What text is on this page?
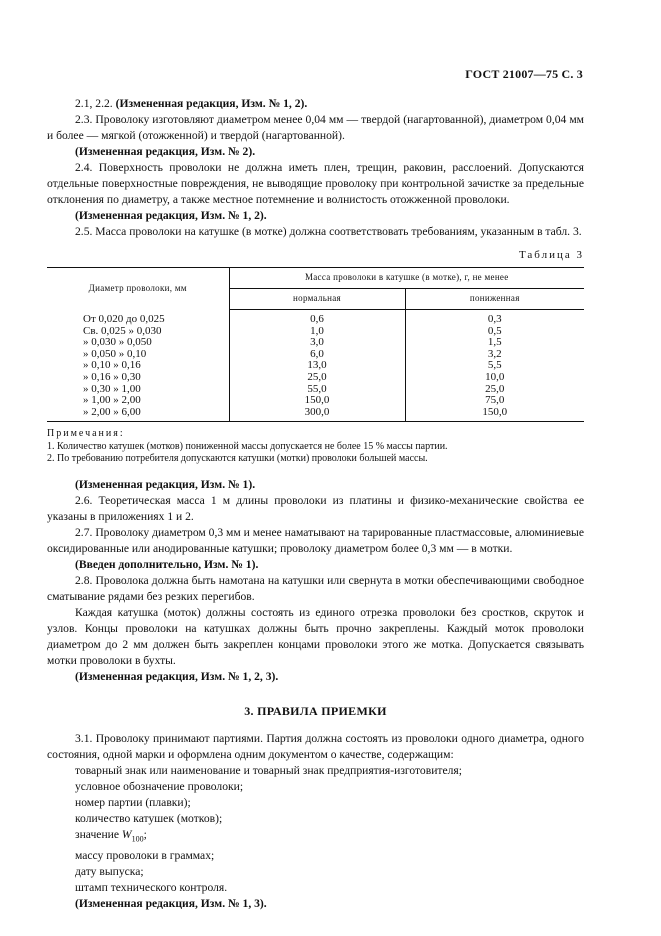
ГОСТ 21007—75 С. 3

2.1, 2.2. (Измененная редакция, Изм. № 1, 2).

2.3. Проволоку изготовляют диаметром менее 0,04 мм — твердой (нагартованной), диаметром 0,04 мм и более — мягкой (отожженной) и твердой (нагартованной).

(Измененная редакция, Изм. № 2).

2.4. Поверхность проволоки не должна иметь плен, трещин, раковин, расслоений. Допускаются отдельные поверхностные повреждения, не выводящие проволоку при контрольной зачистке за предельные отклонения по диаметру, а также местное потемнение и волнистость отожженной проволоки.

(Измененная редакция, Изм. № 1, 2).

2.5. Масса проволоки на катушке (в мотке) должна соответствовать требованиям, указанным в табл. 3.

Таблица 3
Диаметр проволоки, мм	Масса проволоки в катушке (в мотке), г, не менее	
	нормальная	пониженная
От 0,020 до 0,025	0,6	0,3
Св. 0,025 » 0,030	1,0	0,5
» 0,030 » 0,050	3,0	1,5
» 0,050 » 0,10	6,0	3,2
» 0,10 » 0,16	13,0	5,5
» 0,16 » 0,30	25,0	10,0
» 0,30 » 1,00	55,0	25,0
» 1,00 » 2,00	150,0	75,0
» 2,00 » 6,00	300,0	150,0

Примечания:

1. Количество катушек (мотков) пониженной массы допускается не более 15 % массы партии.

2. По требованию потребителя допускаются катушки (мотки) проволоки большей массы.

(Измененная редакция, Изм. № 1).

2.6. Теоретическая масса 1 м длины проволоки из платины и физико-механические свойства ее указаны в приложениях 1 и 2.

2.7. Проволоку диаметром 0,3 мм и менее наматывают на тарированные пластмассовые, алюминиевые оксидированные или анодированные катушки; проволоку диаметром более 0,3 мм — в мотки.

(Введен дополнительно, Изм. № 1).

2.8. Проволока должна быть намотана на катушки или свернута в мотки обеспечивающими свободное сматывание рядами без резких перегибов.

Каждая катушка (моток) должны состоять из единого отрезка проволоки без сростков, скруток и узлов. Концы проволоки на катушках должны быть прочно закреплены. Каждый моток проволоки диаметром до 2 мм должен быть закреплен концами проволоки этого же мотка. Допускается связывать мотки проволоки в бухты.

(Измененная редакция, Изм. № 1, 2, 3).

3. ПРАВИЛА ПРИЕМКИ

3.1. Проволоку принимают партиями. Партия должна состоять из проволоки одного диаметра, одного состояния, одной марки и оформлена одним документом о качестве, содержащим:

товарный знак или наименование и товарный знак предприятия-изготовителя;

условное обозначение проволоки;

номер партии (плавки);

количество катушек (мотков);

значение $W_{100}$;

массу проволоки в граммах;

дату выпуска;

штамп технического контроля.

(Измененная редакция, Изм. № 1, 3).
